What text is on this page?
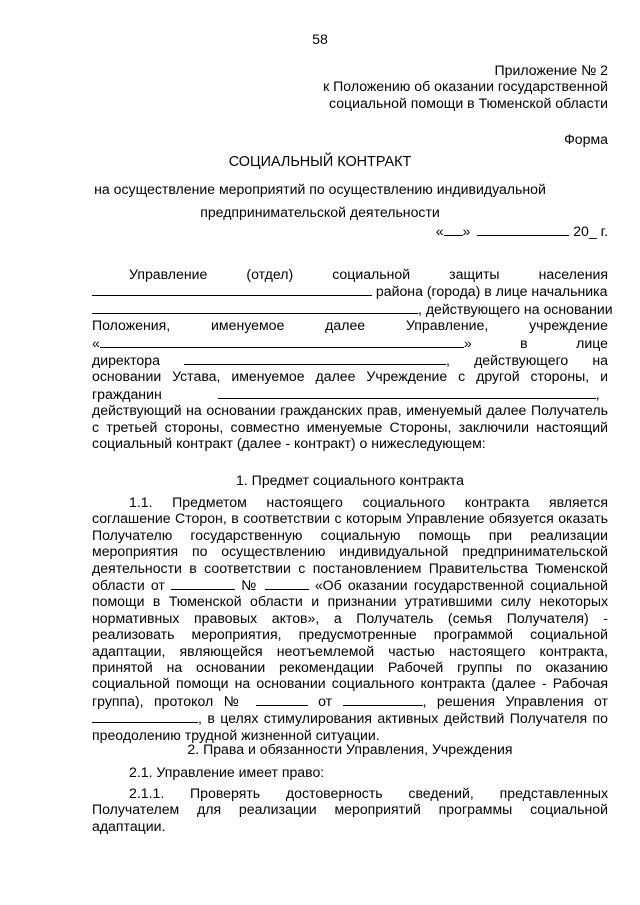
58
Приложение № 2
к Положению об оказании государственной
социальной помощи в Тюменской области
Форма
СОЦИАЛЬНЫЙ КОНТРАКТ
на осуществление мероприятий по осуществлению индивидуальной
предпринимательской деятельности
« »	20_ г.
Управление	(отдел)	социальной	защиты	населения
района (города) в лице начальника
, действующего на основании
Положения,	именуемое	далее	Управление,	учреждение
«	»	в	лице
директора	, действующего на
основании Устава, именуемое далее Учреждение с другой стороны, и
гражданин	,
действующий на основании гражданских прав, именуемый далее Получатель
с третьей стороны, совместно именуемые Стороны, заключили настоящий
социальный контракт (далее - контракт) о нижеследующем:
1. Предмет социального контракта
1.1. Предметом настоящего социального контракта является
соглашение Сторон, в соответствии с которым Управление обязуется оказать
Получателю государственную социальную помощь при реализации
мероприятия по осуществлению индивидуальной предпринимательской
деятельности в соответствии с постановлением Правительства Тюменской
области от	№	«Об оказании государственной социальной
помощи в Тюменской области и признании утратившими силу некоторых
нормативных правовых актов», а Получатель (семья Получателя) -
реализовать мероприятия, предусмотренные программой социальной
адаптации, являющейся неотъемлемой частью настоящего контракта,
принятой на основании рекомендации Рабочей группы по оказанию
социальной помощи на основании социального контракта (далее - Рабочая
группа), протокол №	от	, решения Управления от
, в целях стимулирования активных действий Получателя по
преодолению трудной жизненной ситуации.
2. Права и обязанности Управления, Учреждения
2.1. Управление имеет право:
2.1.1. Проверять достоверность сведений, представленных
Получателем для реализации мероприятий программы социальной
адаптации.
